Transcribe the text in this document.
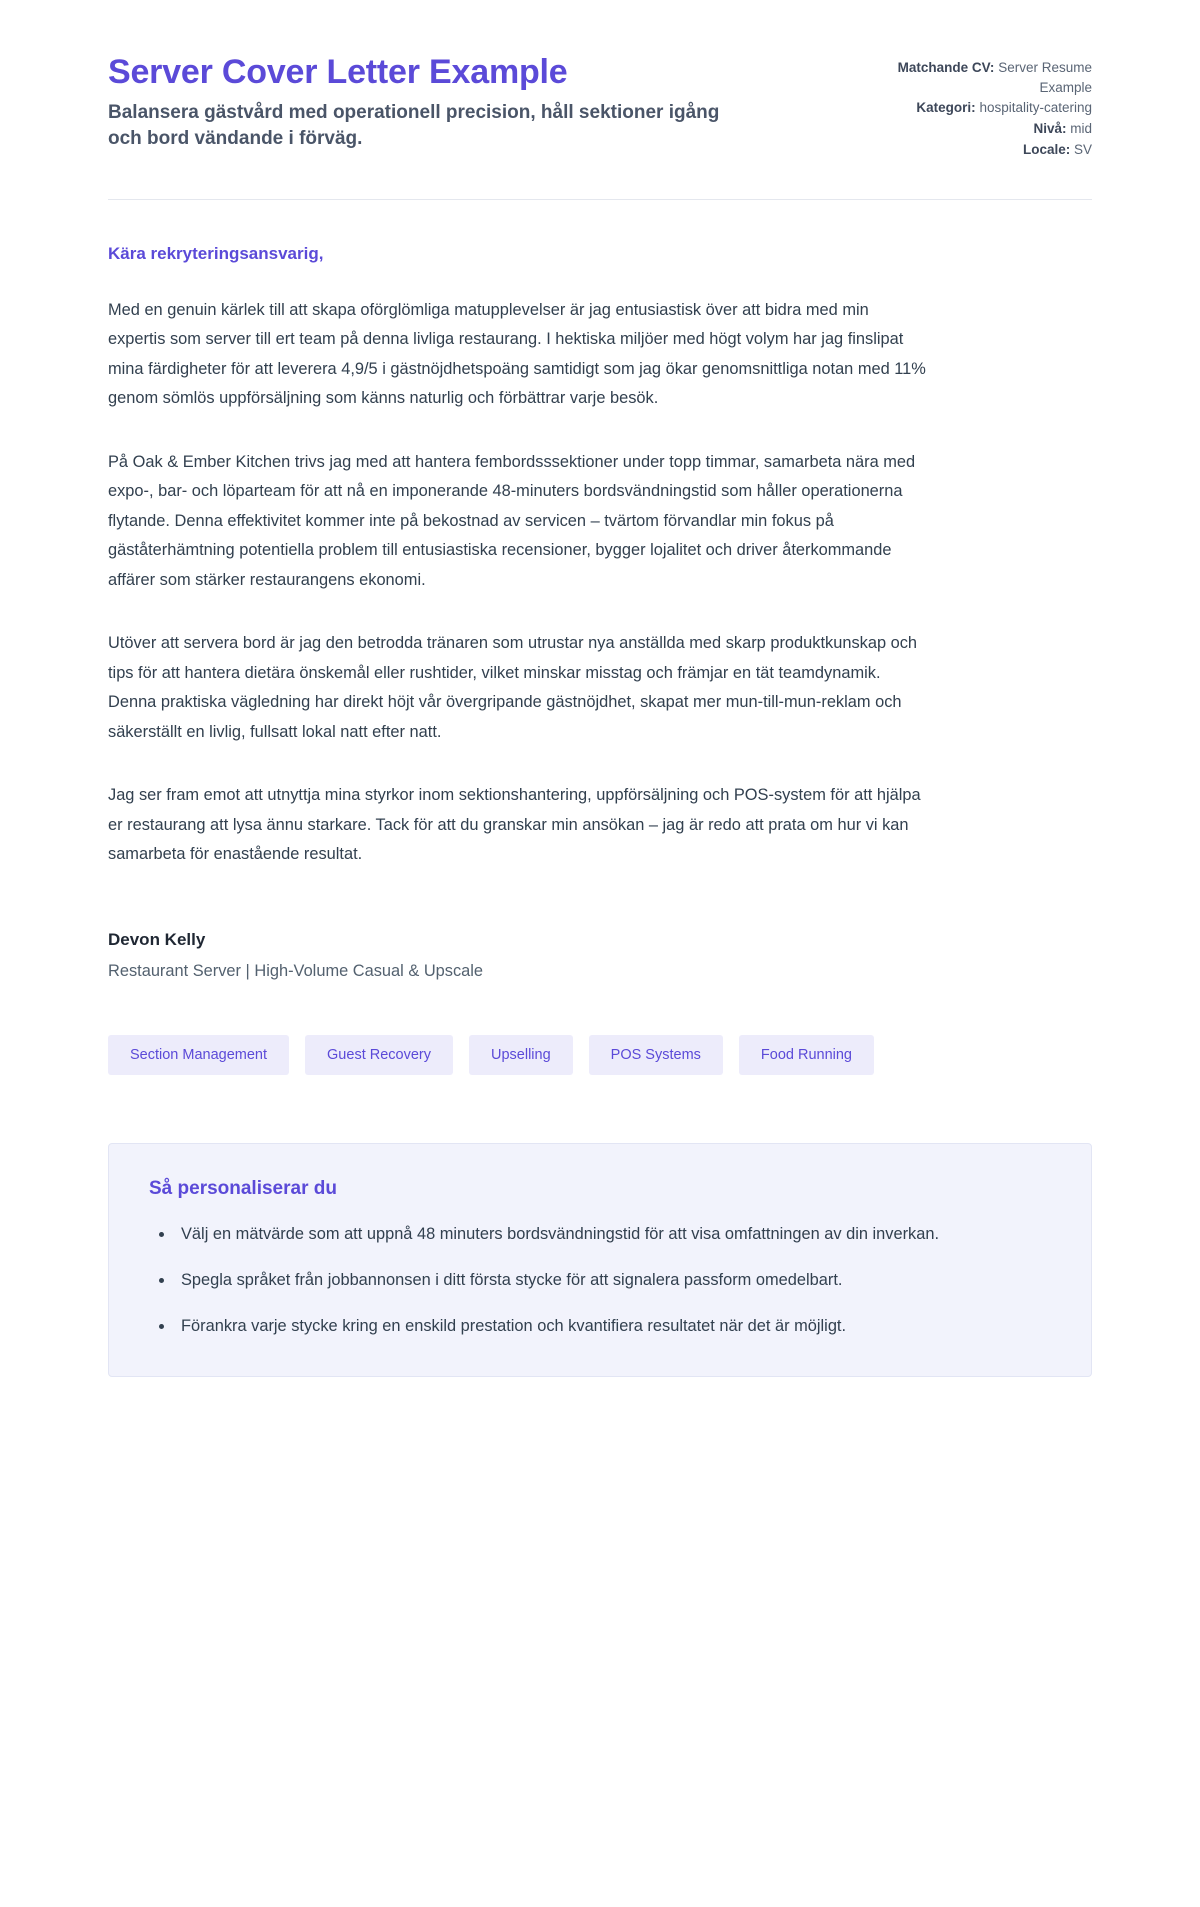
Server Cover Letter Example

Balansera gästvård med operationell precision, håll sektioner igång och bord vändande i förväg.

Matchande CV: Server Resume Example
Kategori: hospitality-catering
Nivå: mid
Locale: SV

Kära rekryteringsansvarig,

Med en genuin kärlek till att skapa oförglömliga matupplevelser är jag entusiastisk över att bidra med min expertis som server till ert team på denna livliga restaurang. I hektiska miljöer med högt volym har jag finslipat mina färdigheter för att leverera 4,9/5 i gästnöjdhetspoäng samtidigt som jag ökar genomsnittliga notan med 11% genom sömlös uppförsäljning som känns naturlig och förbättrar varje besök.

På Oak & Ember Kitchen trivs jag med att hantera fembordsssektioner under topp timmar, samarbeta nära med expo-, bar- och löparteam för att nå en imponerande 48-minuters bordsvändningstid som håller operationerna flytande. Denna effektivitet kommer inte på bekostnad av servicen – tvärtom förvandlar min fokus på gäståterhämtning potentiella problem till entusiastiska recensioner, bygger lojalitet och driver återkommande affärer som stärker restaurangens ekonomi.

Utöver att servera bord är jag den betrodda tränaren som utrustar nya anställda med skarp produktkunskap och tips för att hantera dietära önskemål eller rushtider, vilket minskar misstag och främjar en tät teamdynamik. Denna praktiska vägledning har direkt höjt vår övergripande gästnöjdhet, skapat mer mun-till-mun-reklam och säkerställt en livlig, fullsatt lokal natt efter natt.

Jag ser fram emot att utnyttja mina styrkor inom sektionshantering, uppförsäljning och POS-system för att hjälpa er restaurang att lysa ännu starkare. Tack för att du granskar min ansökan – jag är redo att prata om hur vi kan samarbeta för enastående resultat.

Devon Kelly

Restaurant Server | High-Volume Casual & Upscale

Section Management	Guest Recovery	Upselling	POS Systems	Food Running
Så personaliserar du
• Välj en mätvärde som att uppnå 48 minuters bordsvändningstid för att visa omfattningen av din inverkan.
• Spegla språket från jobbannonsen i ditt första stycke för att signalera passform omedelbart.
• Förankra varje stycke kring en enskild prestation och kvantifiera resultatet när det är möjligt.
